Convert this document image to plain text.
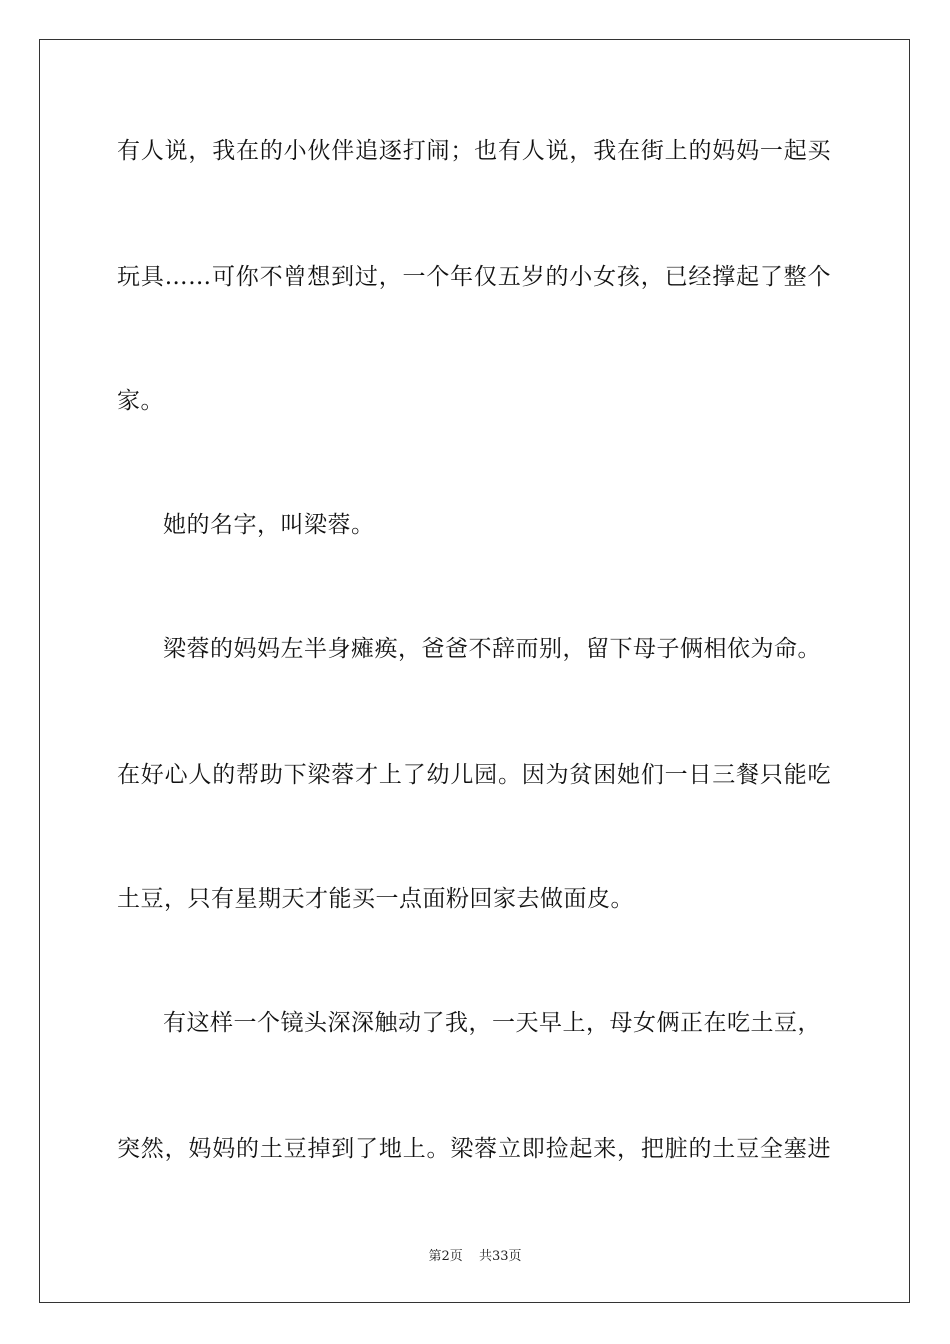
有人说，我在的小伙伴追逐打闹；也有人说，我在街上的妈妈一起买
玩具……可你不曾想到过，一个年仅五岁的小女孩，已经撑起了整个
家。
她的名字，叫梁蓉。
梁蓉的妈妈左半身瘫痪，爸爸不辞而别，留下母子俩相依为命。
在好心人的帮助下梁蓉才上了幼儿园。因为贫困她们一日三餐只能吃
土豆，只有星期天才能买一点面粉回家去做面皮。
有这样一个镜头深深触动了我，一天早上，母女俩正在吃土豆，
突然，妈妈的土豆掉到了地上。梁蓉立即捡起来，把脏的土豆全塞进
第2页 共33页
